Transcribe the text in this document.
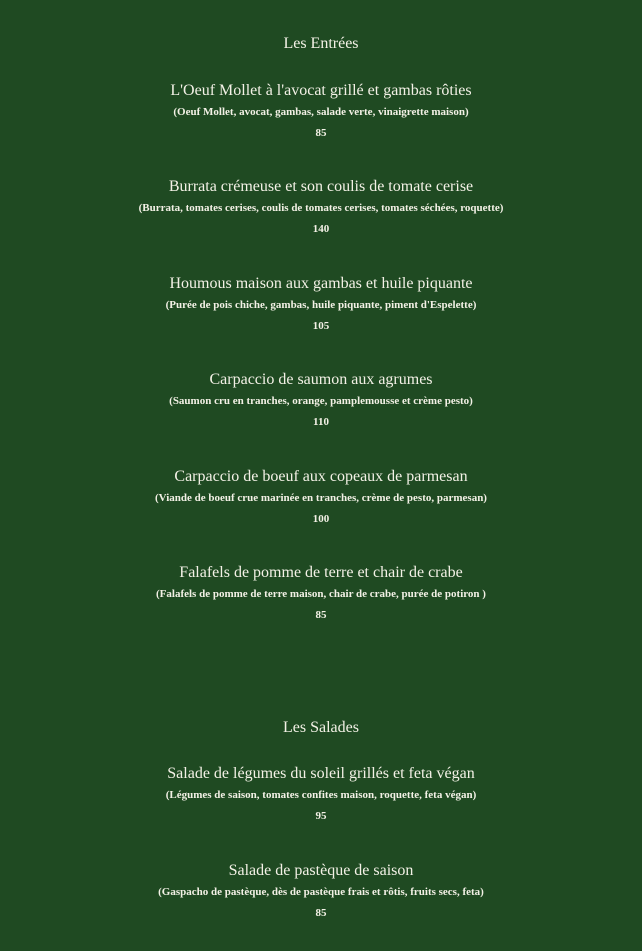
Les Entrées
L'Oeuf Mollet à l'avocat grillé et gambas rôties
(Oeuf Mollet, avocat, gambas, salade verte, vinaigrette maison)
85
Burrata crémeuse et son coulis de tomate cerise
(Burrata, tomates cerises, coulis de tomates cerises, tomates séchées, roquette)
140
Houmous maison aux gambas et huile piquante
(Purée de pois chiche, gambas, huile piquante, piment d'Espelette)
105
Carpaccio de saumon aux agrumes
(Saumon cru en tranches, orange, pamplemousse et crème pesto)
110
Carpaccio de boeuf aux copeaux de parmesan
(Viande de boeuf crue marinée en tranches, crème de pesto, parmesan)
100
Falafels de pomme de terre et chair de crabe
(Falafels de pomme de terre maison, chair de crabe, purée de potiron )
85
Les Salades
Salade de légumes du soleil grillés et feta végan
(Légumes de saison, tomates confites maison, roquette, feta végan)
95
Salade de pastèque de saison
(Gaspacho de pastèque, dès de pastèque frais et rôtis, fruits secs, feta)
85
